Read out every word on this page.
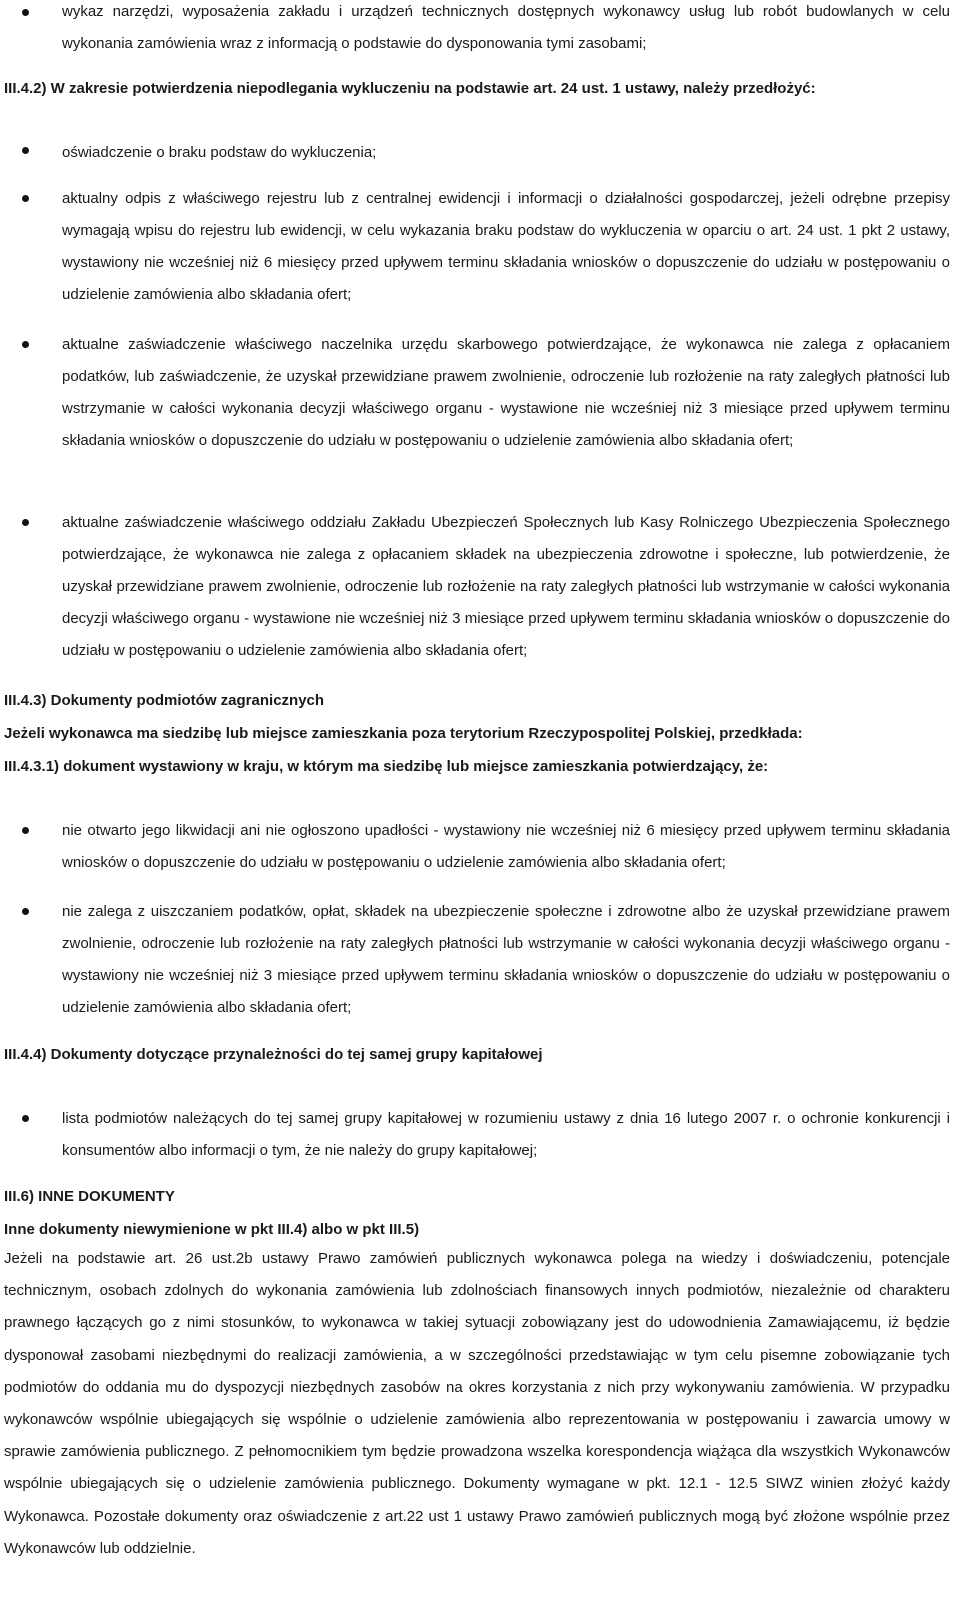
wykaz narzędzi, wyposażenia zakładu i urządzeń technicznych dostępnych wykonawcy usług lub robót budowlanych w celu wykonania zamówienia wraz z informacją o podstawie do dysponowania tymi zasobami;

III.4.2) W zakresie potwierdzenia niepodlegania wykluczeniu na podstawie art. 24 ust. 1 ustawy, należy przedłożyć:

oświadczenie o braku podstaw do wykluczenia;

aktualny odpis z właściwego rejestru lub z centralnej ewidencji i informacji o działalności gospodarczej, jeżeli odrębne przepisy wymagają wpisu do rejestru lub ewidencji, w celu wykazania braku podstaw do wykluczenia w oparciu o art. 24 ust. 1 pkt 2 ustawy, wystawiony nie wcześniej niż 6 miesięcy przed upływem terminu składania wniosków o dopuszczenie do udziału w postępowaniu o udzielenie zamówienia albo składania ofert;

aktualne zaświadczenie właściwego naczelnika urzędu skarbowego potwierdzające, że wykonawca nie zalega z opłacaniem podatków, lub zaświadczenie, że uzyskał przewidziane prawem zwolnienie, odroczenie lub rozłożenie na raty zaległych płatności lub wstrzymanie w całości wykonania decyzji właściwego organu - wystawione nie wcześniej niż 3 miesiące przed upływem terminu składania wniosków o dopuszczenie do udziału w postępowaniu o udzielenie zamówienia albo składania ofert;

aktualne zaświadczenie właściwego oddziału Zakładu Ubezpieczeń Społecznych lub Kasy Rolniczego Ubezpieczenia Społecznego potwierdzające, że wykonawca nie zalega z opłacaniem składek na ubezpieczenia zdrowotne i społeczne, lub potwierdzenie, że uzyskał przewidziane prawem zwolnienie, odroczenie lub rozłożenie na raty zaległych płatności lub wstrzymanie w całości wykonania decyzji właściwego organu - wystawione nie wcześniej niż 3 miesiące przed upływem terminu składania wniosków o dopuszczenie do udziału w postępowaniu o udzielenie zamówienia albo składania ofert;

III.4.3) Dokumenty podmiotów zagranicznych

Jeżeli wykonawca ma siedzibę lub miejsce zamieszkania poza terytorium Rzeczypospolitej Polskiej, przedkłada:

III.4.3.1) dokument wystawiony w kraju, w którym ma siedzibę lub miejsce zamieszkania potwierdzający, że:

nie otwarto jego likwidacji ani nie ogłoszono upadłości - wystawiony nie wcześniej niż 6 miesięcy przed upływem terminu składania wniosków o dopuszczenie do udziału w postępowaniu o udzielenie zamówienia albo składania ofert;

nie zalega z uiszczaniem podatków, opłat, składek na ubezpieczenie społeczne i zdrowotne albo że uzyskał przewidziane prawem zwolnienie, odroczenie lub rozłożenie na raty zaległych płatności lub wstrzymanie w całości wykonania decyzji właściwego organu - wystawiony nie wcześniej niż 3 miesiące przed upływem terminu składania wniosków o dopuszczenie do udziału w postępowaniu o udzielenie zamówienia albo składania ofert;

III.4.4) Dokumenty dotyczące przynależności do tej samej grupy kapitałowej

lista podmiotów należących do tej samej grupy kapitałowej w rozumieniu ustawy z dnia 16 lutego 2007 r. o ochronie konkurencji i konsumentów albo informacji o tym, że nie należy do grupy kapitałowej;

III.6) INNE DOKUMENTY

Inne dokumenty niewymienione w pkt III.4) albo w pkt III.5)

Jeżeli na podstawie art. 26 ust.2b ustawy Prawo zamówień publicznych wykonawca polega na wiedzy i doświadczeniu, potencjale technicznym, osobach zdolnych do wykonania zamówienia lub zdolnościach finansowych innych podmiotów, niezależnie od charakteru prawnego łączących go z nimi stosunków, to wykonawca w takiej sytuacji zobowiązany jest do udowodnienia Zamawiającemu, iż będzie dysponował zasobami niezbędnymi do realizacji zamówienia, a w szczególności przedstawiając w tym celu pisemne zobowiązanie tych podmiotów do oddania mu do dyspozycji niezbędnych zasobów na okres korzystania z nich przy wykonywaniu zamówienia. W przypadku wykonawców wspólnie ubiegających się wspólnie o udzielenie zamówienia albo reprezentowania w postępowaniu i zawarcia umowy w sprawie zamówienia publicznego. Z pełnomocnikiem tym będzie prowadzona wszelka korespondencja wiążąca dla wszystkich Wykonawców wspólnie ubiegających się o udzielenie zamówienia publicznego. Dokumenty wymagane w pkt. 12.1 - 12.5 SIWZ winien złożyć każdy Wykonawca. Pozostałe dokumenty oraz oświadczenie z art.22 ust 1 ustawy Prawo zamówień publicznych mogą być złożone wspólnie przez Wykonawców lub oddzielnie.
